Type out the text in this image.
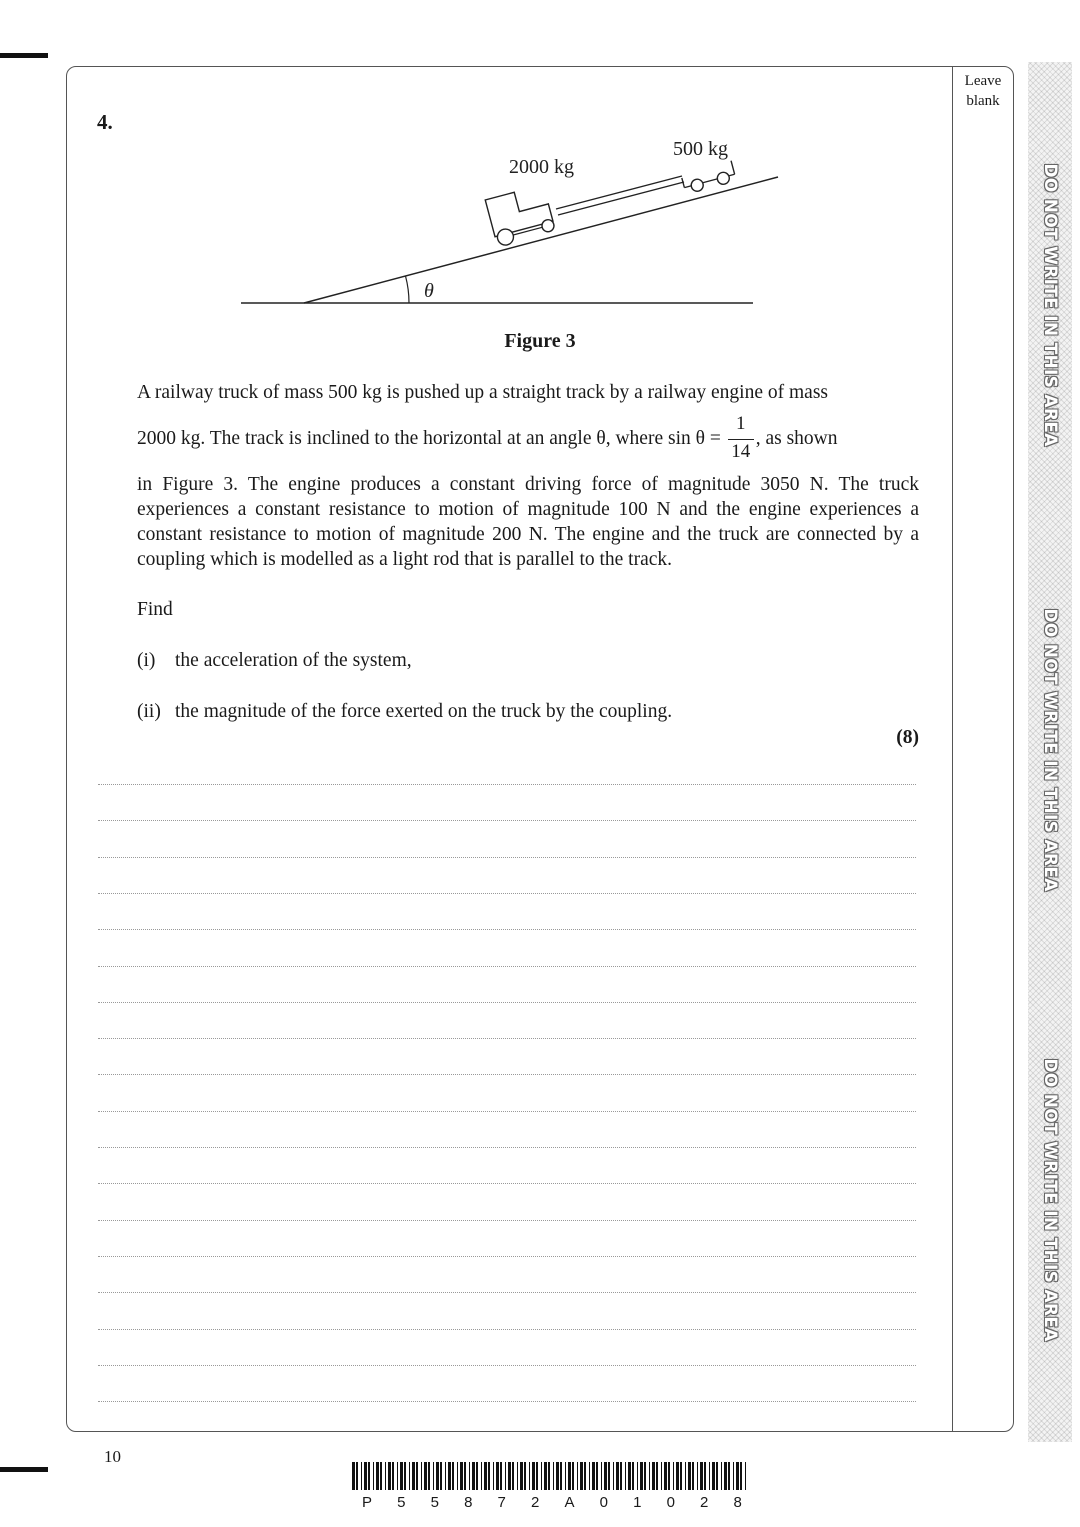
Leave
blank
DO NOT WRITE IN THIS AREA
DO NOT WRITE IN THIS AREA
DO NOT WRITE IN THIS AREA
4.
θ
2000 kg
500 kg
Figure 3
A railway truck of mass 500 kg is pushed up a straight track by a railway engine of mass
2000 kg. The track is inclined to the horizontal at an angle θ, where $\sin \theta = \frac{1}{14}$ , as shown
in Figure 3. The engine produces a constant driving force of magnitude 3050 N. The truck experiences a constant resistance to motion of magnitude 100 N and the engine experiences a constant resistance to motion of magnitude 200 N. The engine and the truck are connected by a coupling which is modelled as a light rod that is parallel to the track.
Find
(i) the acceleration of the system,
(ii) the magnitude of the force exerted on the truck by the coupling.
(8)
10
P 5 5 8 7 2 A 0 1 0 2 8
